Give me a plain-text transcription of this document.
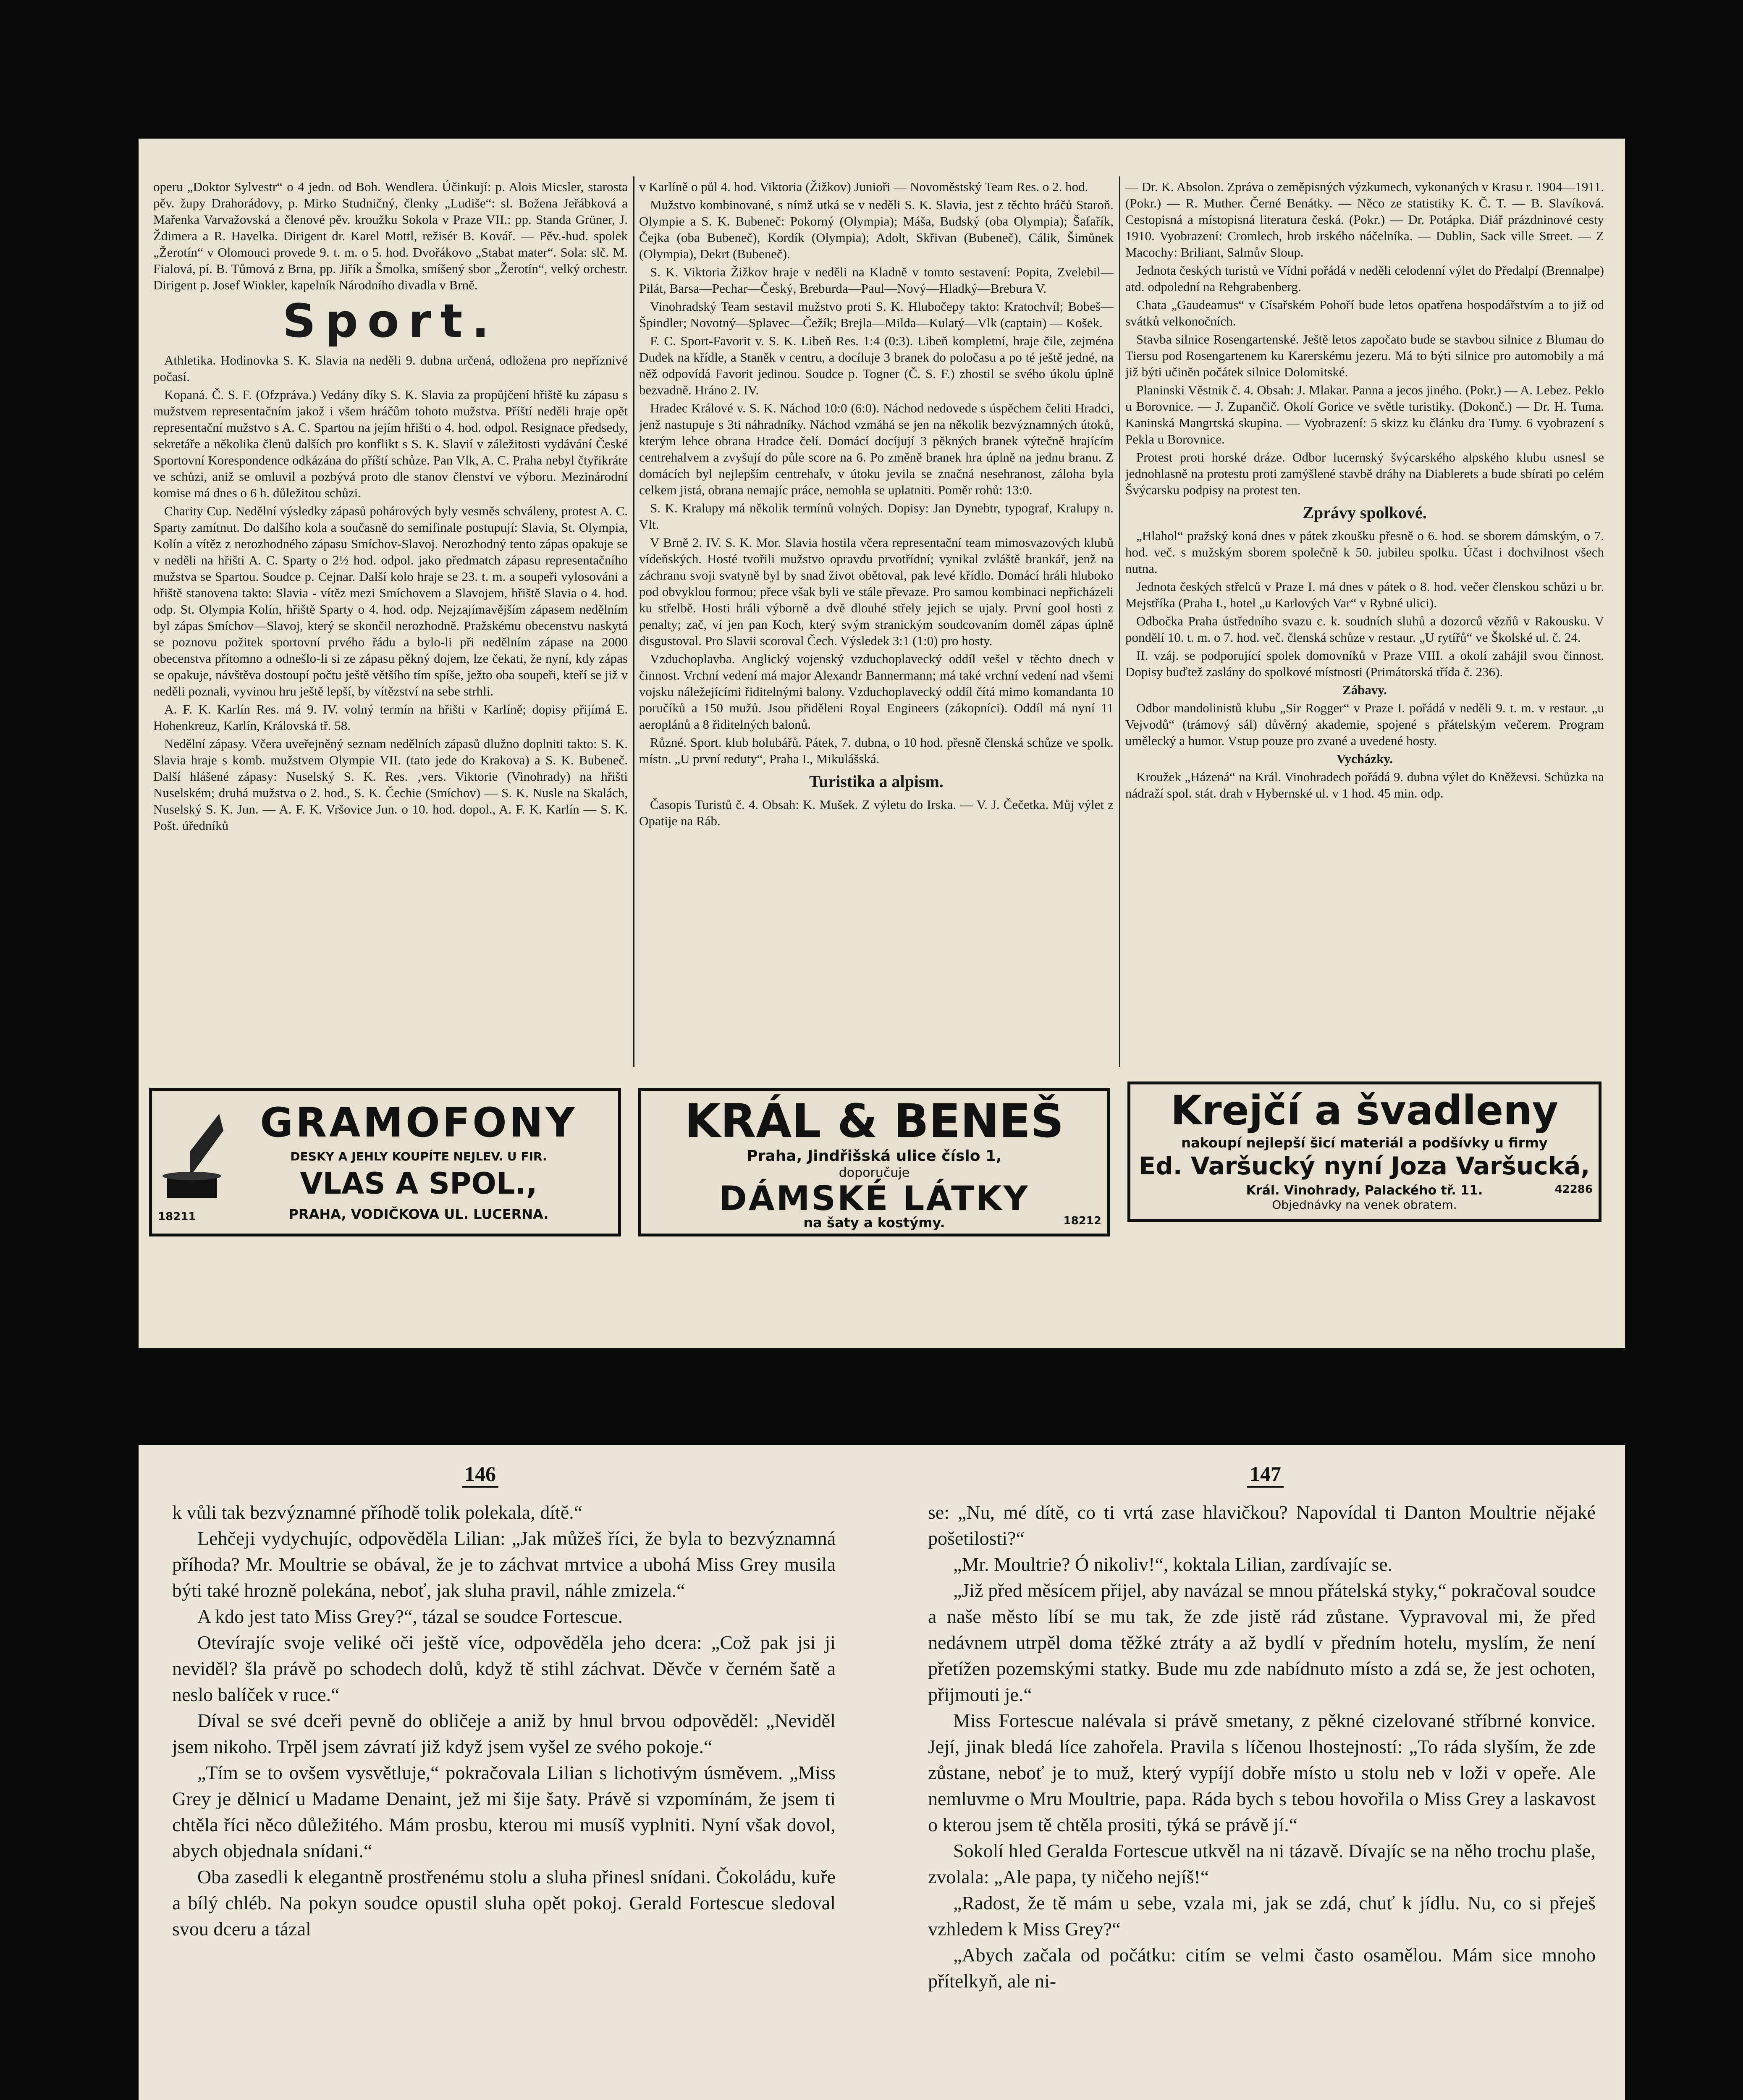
operu „Doktor Sylvestr“ o 4 jedn. od Boh. Wendlera. Účinkují: p. Alois Micsler, starosta pěv. župy Drahorádovy, p. Mirko Studničný, členky „Ludiše“: sl. Božena Jeřábková a Mařenka Varvažovská a členové pěv. kroužku Sokola v Praze VII.: pp. Standa Grüner, J. Ždimera a R. Havelka. Dirigent dr. Karel Mottl, režisér B. Kovář. — Pěv.-hud. spolek „Žerotín“ v Olomouci provede 9. t. m. o 5. hod. Dvořákovo „Stabat mater“. Sola: slč. M. Fialová, pí. B. Tůmová z Brna, pp. Jiřík a Šmolka, smíšený sbor „Žerotín“, velký orchestr. Dirigent p. Josef Winkler, kapelník Národního divadla v Brně.

Sport.

Athletika. Hodinovka S. K. Slavia na neděli 9. dubna určená, odložena pro nepříznivé počasí.

Kopaná. Č. S. F. (Ofzpráva.) Vedány díky S. K. Slavia za propůjčení hřiště ku zápasu s mužstvem representačním jakož i všem hráčům tohoto mužstva. Příští neděli hraje opět representační mužstvo s A. C. Spartou na jejím hřišti o 4. hod. odpol. Resignace předsedy, sekretáře a několika členů dalších pro konflikt s S. K. Slavií v záležitosti vydávání České Sportovní Korespondence odkázána do příští schůze. Pan Vlk, A. C. Praha nebyl čtyřikráte ve schůzi, aniž se omluvil a pozbývá proto dle stanov členství ve výboru. Mezinárodní komise má dnes o 6 h. důležitou schůzi.

Charity Cup. Nedělní výsledky zápasů pohárových byly vesměs schváleny, protest A. C. Sparty zamítnut. Do dalšího kola a současně do semifinale postupují: Slavia, St. Olympia, Kolín a vítěz z nerozhodného zápasu Smíchov-Slavoj. Nerozhodný tento zápas opakuje se v neděli na hřišti A. C. Sparty o 2½ hod. odpol. jako předmatch zápasu representačního mužstva se Spartou. Soudce p. Cejnar. Další kolo hraje se 23. t. m. a soupeři vylosováni a hřiště stanovena takto: Slavia - vítěz mezi Smíchovem a Slavojem, hřiště Slavia o 4. hod. odp. St. Olympia Kolín, hřiště Sparty o 4. hod. odp. Nejzajímavějším zápasem nedělním byl zápas Smíchov—Slavoj, který se skončil nerozhodně. Pražskému obecenstvu naskytá se poznovu požitek sportovní prvého řádu a bylo-li při nedělním zápase na 2000 obecenstva přítomno a odnešlo-li si ze zápasu pěkný dojem, lze čekati, že nyní, kdy zápas se opakuje, návštěva dostoupí počtu ještě většího tím spíše, ježto oba soupeři, kteří se již v neděli poznali, vyvinou hru ještě lepší, by vítězství na sebe strhli.

A. F. K. Karlín Res. má 9. IV. volný termín na hřišti v Karlíně; dopisy přijímá E. Hohenkreuz, Karlín, Královská tř. 58.

Nedělní zápasy. Včera uveřejněný seznam nedělních zápasů dlužno doplniti takto: S. K. Slavia hraje s komb. mužstvem Olympie VII. (tato jede do Krakova) a S. K. Bubeneč. Další hlášené zápasy: Nuselský S. K. Res. ‚vers. Viktorie (Vinohrady) na hřišti Nuselském; druhá mužstva o 2. hod., S. K. Čechie (Smíchov) — S. K. Nusle na Skalách, Nuselský S. K. Jun. — A. F. K. Vršovice Jun. o 10. hod. dopol., A. F. K. Karlín — S. K. Pošt. úředníků

v Karlíně o půl 4. hod. Viktoria (Žižkov) Junioři — Novoměstský Team Res. o 2. hod.

Mužstvo kombinované, s nímž utká se v neděli S. K. Slavia, jest z těchto hráčů Staroň. Olympie a S. K. Bubeneč: Pokorný (Olympia); Máša, Budský (oba Olympia); Šafařík, Čejka (oba Bubeneč), Kordík (Olympia); Adolt, Skřivan (Bubeneč), Cálik, Šimůnek (Olympia), Dekrt (Bubeneč).

S. K. Viktoria Žižkov hraje v neděli na Kladně v tomto sestavení: Popita, Zvelebil—Pilát, Barsa—Pechar—Český, Breburda—Paul—Nový—Hladký—Brebura V.

Vinohradský Team sestavil mužstvo proti S. K. Hlubočepy takto: Kratochvíl; Bobeš—Špindler; Novotný—Splavec—Čežík; Brejla—Milda—Kulatý—Vlk (captain) — Košek.

F. C. Sport-Favorit v. S. K. Libeň Res. 1:4 (0:3). Libeň kompletní, hraje čile, zejména Dudek na křídle, a Staněk v centru, a docíluje 3 branek do poločasu a po té ještě jedné, na něž odpovídá Favorit jedinou. Soudce p. Togner (Č. S. F.) zhostil se svého úkolu úplně bezvadně. Hráno 2. IV.

Hradec Králové v. S. K. Náchod 10:0 (6:0). Náchod nedovede s úspěchem čeliti Hradci, jenž nastupuje s 3ti náhradníky. Náchod vzmáhá se jen na několik bezvýznamných útoků, kterým lehce obrana Hradce čelí. Domácí docíjují 3 pěkných branek výtečně hrajícím centrehalvem a zvyšují do půle score na 6. Po změně branek hra úplně na jednu branu. Z domácích byl nejlepším centrehalv, v útoku jevila se značná nesehranost, záloha byla celkem jistá, obrana nemajíc práce, nemohla se uplatniti. Poměr rohů: 13:0.

S. K. Kralupy má několik termínů volných. Dopisy: Jan Dynebtr, typograf, Kralupy n. Vlt.

V Brně 2. IV. S. K. Mor. Slavia hostila včera representační team mimosvazových klubů vídeňských. Hosté tvořili mužstvo opravdu prvotřídní; vynikal zvláště brankář, jenž na záchranu svoji svatyně byl by snad život obětoval, pak levé křídlo. Domácí hráli hluboko pod obvyklou formou; přece však byli ve stále převaze. Pro samou kombinaci nepřicházeli ku střelbě. Hosti hráli výborně a dvě dlouhé střely jejich se ujaly. První gool hosti z penalty; zač, ví jen pan Koch, který svým stranickým soudcovaním doměl zápas úplně disgustoval. Pro Slavii scoroval Čech. Výsledek 3:1 (1:0) pro hosty.

Vzduchoplavba. Anglický vojenský vzduchoplavecký oddíl vešel v těchto dnech v činnost. Vrchní vedení má major Alexandr Bannermann; má také vrchní vedení nad všemi vojsku náležejícími řiditelnými balony. Vzduchoplavecký oddíl čítá mimo komandanta 10 poručíků a 150 mužů. Jsou přiděleni Royal Engineers (zákopníci). Oddíl má nyní 11 aeroplánů a 8 řiditelných balonů.

Různé. Sport. klub holubářů. Pátek, 7. dubna, o 10 hod. přesně členská schůze ve spolk. místn. „U první reduty“, Praha I., Mikulášská.

Turistika a alpism.

Časopis Turistů č. 4. Obsah: K. Mušek. Z výletu do Irska. — V. J. Čečetka. Můj výlet z Opatije na Ráb.

— Dr. K. Absolon. Zpráva o zeměpisných výzkumech, vykonaných v Krasu r. 1904—1911. (Pokr.) — R. Muther. Černé Benátky. — Něco ze statistiky K. Č. T. — B. Slavíková. Cestopisná a místopisná literatura česká. (Pokr.) — Dr. Potápka. Diář prázdninové cesty 1910. Vyobrazení: Cromlech, hrob irského náčelníka. — Dublin, Sack ville Street. — Z Macochy: Briliant, Salmův Sloup.

Jednota českých turistů ve Vídni pořádá v neděli celodenní výlet do Předalpí (Brennalpe) atd. odpolední na Rehgrabenberg.

Chata „Gaudeamus“ v Císařském Pohoří bude letos opatřena hospodářstvím a to již od svátků velkonočních.

Stavba silnice Rosengartenské. Ještě letos započato bude se stavbou silnice z Blumau do Tiersu pod Rosengartenem ku Karerskému jezeru. Má to býti silnice pro automobily a má již býti učiněn počátek silnice Dolomitské.

Planinski Věstnik č. 4. Obsah: J. Mlakar. Panna a jecos jiného. (Pokr.) — A. Lebez. Peklo u Borovnice. — J. Zupančič. Okolí Gorice ve světle turistiky. (Dokonč.) — Dr. H. Tuma. Kaninská Mangrtská skupina. — Vyobrazení: 5 skizz ku článku dra Tumy. 6 vyobrazení s Pekla u Borovnice.

Protest proti horské dráze. Odbor lucernský švýcarského alpského klubu usnesl se jednohlasně na protestu proti zamýšlené stavbě dráhy na Diablerets a bude sbírati po celém Švýcarsku podpisy na protest ten.

Zprávy spolkové.

„Hlahol“ pražský koná dnes v pátek zkoušku přesně o 6. hod. se sborem dámským, o 7. hod. več. s mužským sborem společně k 50. jubileu spolku. Účast i dochvilnost všech nutna.

Jednota českých střelců v Praze I. má dnes v pátek o 8. hod. večer členskou schůzi u br. Mejstříka (Praha I., hotel „u Karlových Var“ v Rybné ulici).

Odbočka Praha ústředního svazu c. k. soudních sluhů a dozorců vězňů v Rakousku. V pondělí 10. t. m. o 7. hod. več. členská schůze v restaur. „U rytířů“ ve Školské ul. č. 24.

II. vzáj. se podporující spolek domovníků v Praze VIII. a okolí zahájil svou činnost. Dopisy buďtež zaslány do spolkové místnosti (Primátorská třída č. 236).

Zábavy.

Odbor mandolinistů klubu „Sir Rogger“ v Praze I. pořádá v neděli 9. t. m. v restaur. „u Vejvodů“ (trámový sál) důvěrný akademie, spojené s přátelským večerem. Program umělecký a humor. Vstup pouze pro zvané a uvedené hosty.

Vycházky.

Kroužek „Házená“ na Král. Vinohradech pořádá 9. dubna výlet do Kněževsi. Schůzka na nádraží spol. stát. drah v Hybernské ul. v 1 hod. 45 min. odp.

GRAMOFONY
DESKY A JEHLY KOUPÍTE NEJLEV. U FIR.
VLAS A SPOL.,
PRAHA, VODIČKOVA UL. LUCERNA.
18211
KRÁL & BENEŠ
Praha, Jindřišská ulice číslo 1,
doporučuje
DÁMSKÉ LÁTKY
na šaty a kostýmy.	18212
Krejčí a švadleny
nakoupí nejlepší šicí materiál a podšívky u firmy
Ed. Varšucký nyní Joza Varšucká,
Král. Vinohrady, Palackého tř. 11.
Objednávky na venek obratem.
42286
146	147

k vůli tak bezvýznamné příhodě tolik polekala, dítě.“

Lehčeji vydychujíc, odpověděla Lilian: „Jak můžeš říci, že byla to bezvýznamná příhoda? Mr. Moultrie se obával, že je to záchvat mrtvice a ubohá Miss Grey musila býti také hrozně polekána, neboť, jak sluha pravil, náhle zmizela.“

A kdo jest tato Miss Grey?“, tázal se soudce Fortescue.

Otevírajíc svoje veliké oči ještě více, odpověděla jeho dcera: „Což pak jsi ji neviděl? šla právě po schodech dolů, když tě stihl záchvat. Děvče v černém šatě a neslo balíček v ruce.“

Díval se své dceři pevně do obličeje a aniž by hnul brvou odpověděl: „Neviděl jsem nikoho. Trpěl jsem závratí již když jsem vyšel ze svého pokoje.“

„Tím se to ovšem vysvětluje,“ pokračovala Lilian s lichotivým úsměvem. „Miss Grey je dělnicí u Madame Denaint, jež mi šije šaty. Právě si vzpomínám, že jsem ti chtěla říci něco důležitého. Mám prosbu, kterou mi musíš vyplniti. Nyní však dovol, abych objednala snídani.“

Oba zasedli k elegantně prostřenému stolu a sluha přinesl snídani. Čokoládu, kuře a bílý chléb. Na pokyn soudce opustil sluha opět pokoj. Gerald Fortescue sledoval svou dceru a tázal

se: „Nu, mé dítě, co ti vrtá zase hlavičkou? Napovídal ti Danton Moultrie nějaké pošetilosti?“

„Mr. Moultrie? Ó nikoliv!“, koktala Lilian, zardívajíc se.

„Již před měsícem přijel, aby navázal se mnou přátelská styky,“ pokračoval soudce a naše město líbí se mu tak, že zde jistě rád zůstane. Vypravoval mi, že před nedávnem utrpěl doma těžké ztráty a až bydlí v předním hotelu, myslím, že není přetížen pozemskými statky. Bude mu zde nabídnuto místo a zdá se, že jest ochoten, přijmouti je.“

Miss Fortescue nalévala si právě smetany, z pěkné cizelované stříbrné konvice. Její, jinak bledá líce zahořela. Pravila s líčenou lhostejností: „To ráda slyším, že zde zůstane, neboť je to muž, který vypíjí dobře místo u stolu neb v loži v opeře. Ale nemluvme o Mru Moultrie, papa. Ráda bych s tebou hovořila o Miss Grey a laskavost o kterou jsem tě chtěla prositi, týká se právě jí.“

Sokolí hled Geralda Fortescue utkvěl na ni tázavě. Dívajíc se na něho trochu plaše, zvolala: „Ale papa, ty ničeho nejíš!“

„Radost, že tě mám u sebe, vzala mi, jak se zdá, chuť k jídlu. Nu, co si přeješ vzhledem k Miss Grey?“

„Abych začala od počátku: citím se velmi často osamělou. Mám sice mnoho přítelkyň, ale ni-
